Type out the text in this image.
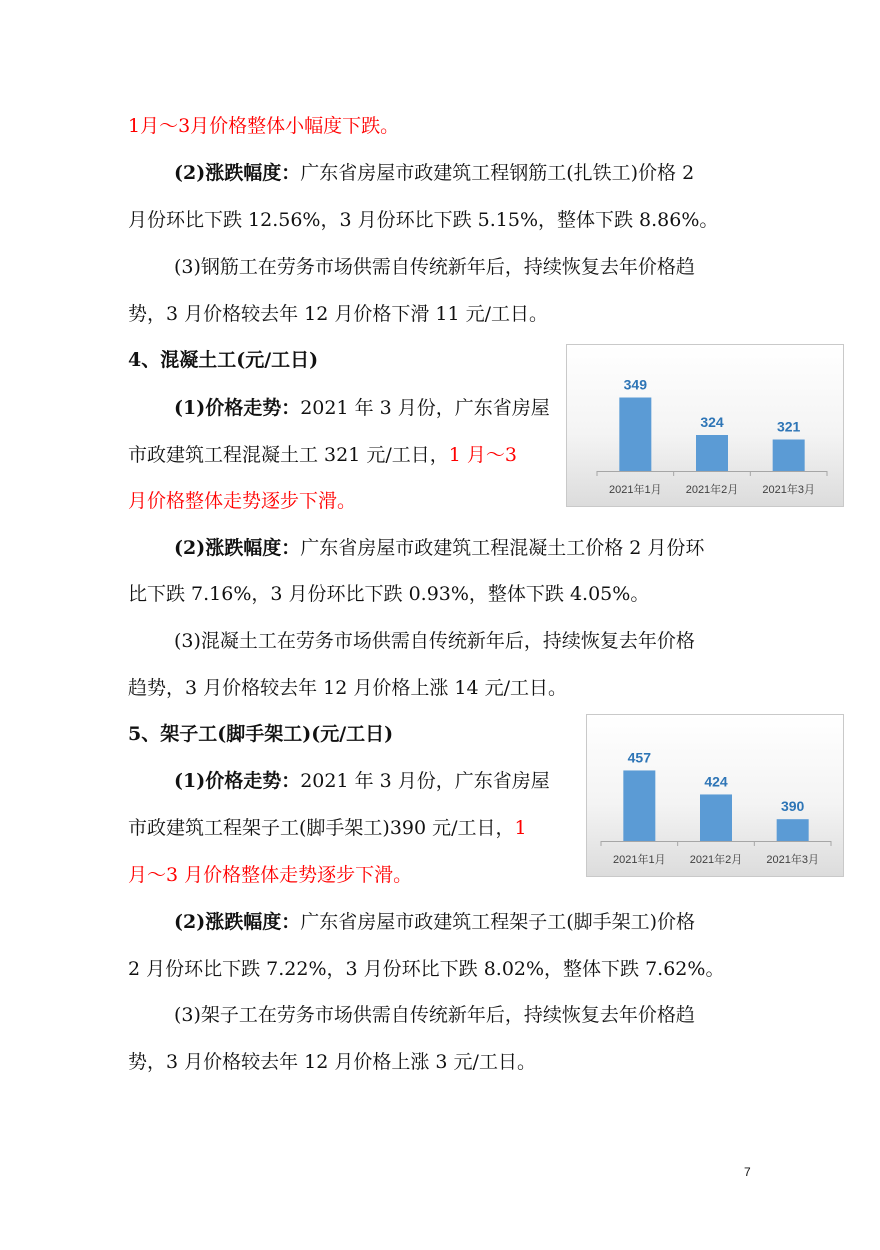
1月～3月价格整体小幅度下跌。

(2)涨跌幅度：广东省房屋市政建筑工程钢筋工(扎铁工)价格 2

月份环比下跌 12.56%，3 月份环比下跌 5.15%，整体下跌 8.86%。

(3)钢筋工在劳务市场供需自传统新年后，持续恢复去年价格趋

势，3 月价格较去年 12 月价格下滑 11 元/工日。

4、混凝土工(元/工日)

(1)价格走势：2021 年 3 月份，广东省房屋

市政建筑工程混凝土工 321 元/工日，1 月～3

月价格整体走势逐步下滑。

(2)涨跌幅度：广东省房屋市政建筑工程混凝土工价格 2 月份环

比下跌 7.16%，3 月份环比下跌 0.93%，整体下跌 4.05%。

(3)混凝土工在劳务市场供需自传统新年后，持续恢复去年价格

趋势，3 月价格较去年 12 月价格上涨 14 元/工日。

349
2021年1月
324
2021年2月
321
2021年3月

5、架子工(脚手架工)(元/工日)

(1)价格走势：2021 年 3 月份，广东省房屋

市政建筑工程架子工(脚手架工)390 元/工日，1

月～3 月价格整体走势逐步下滑。

(2)涨跌幅度：广东省房屋市政建筑工程架子工(脚手架工)价格

2 月份环比下跌 7.22%，3 月份环比下跌 8.02%，整体下跌 7.62%。

(3)架子工在劳务市场供需自传统新年后，持续恢复去年价格趋

势，3 月价格较去年 12 月价格上涨 3 元/工日。

457
2021年1月
424
2021年2月
390
2021年3月
7
